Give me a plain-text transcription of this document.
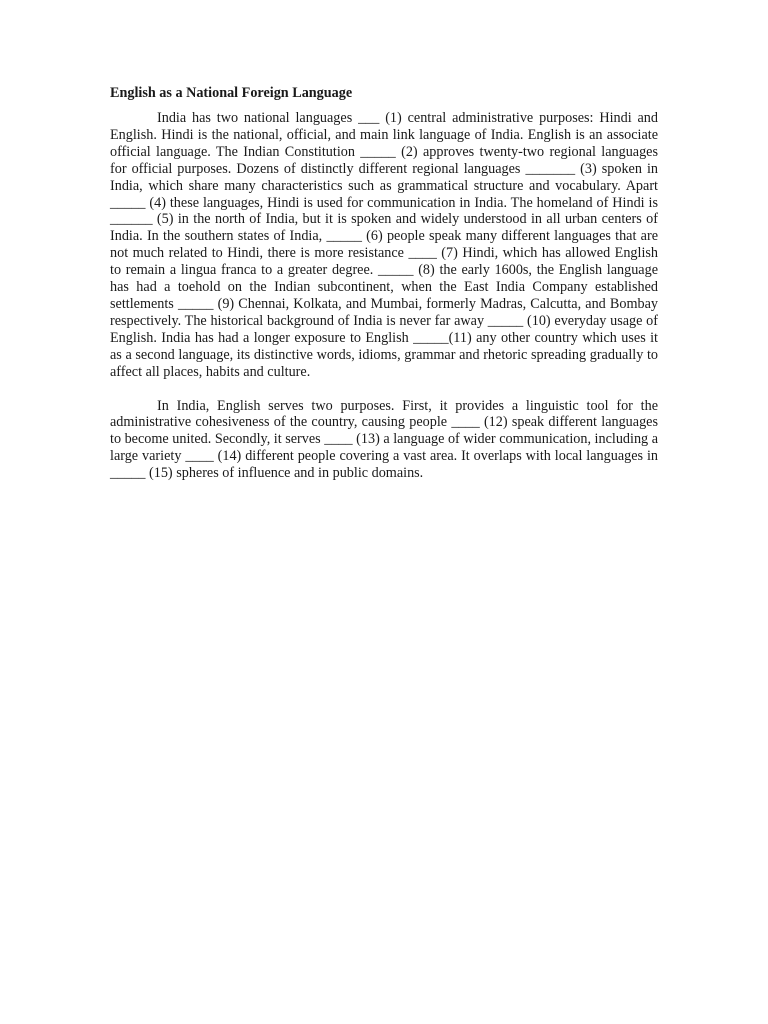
English as a National Foreign Language

India has two national languages ___ (1) central administrative purposes: Hindi and English. Hindi is the national, official, and main link language of India. English is an associate official language. The Indian Constitution _____ (2) approves twenty-two regional languages for official purposes. Dozens of distinctly different regional languages _______ (3) spoken in India, which share many characteristics such as grammatical structure and vocabulary. Apart _____ (4) these languages, Hindi is used for communication in India. The homeland of Hindi is ______ (5) in the north of India, but it is spoken and widely understood in all urban centers of India. In the southern states of India, _____ (6) people speak many different languages that are not much related to Hindi, there is more resistance ____ (7) Hindi, which has allowed English to remain a lingua franca to a greater degree. _____ (8) the early 1600s, the English language has had a toehold on the Indian subcontinent, when the East India Company established settlements _____ (9) Chennai, Kolkata, and Mumbai, formerly Madras, Calcutta, and Bombay respectively. The historical background of India is never far away _____ (10) everyday usage of English. India has had a longer exposure to English _____(11) any other country which uses it as a second language, its distinctive words, idioms, grammar and rhetoric spreading gradually to affect all places, habits and culture.

In India, English serves two purposes. First, it provides a linguistic tool for the administrative cohesiveness of the country, causing people ____ (12) speak different languages to become united. Secondly, it serves ____ (13) a language of wider communication, including a large variety ____ (14) different people covering a vast area. It overlaps with local languages in _____ (15) spheres of influence and in public domains.
